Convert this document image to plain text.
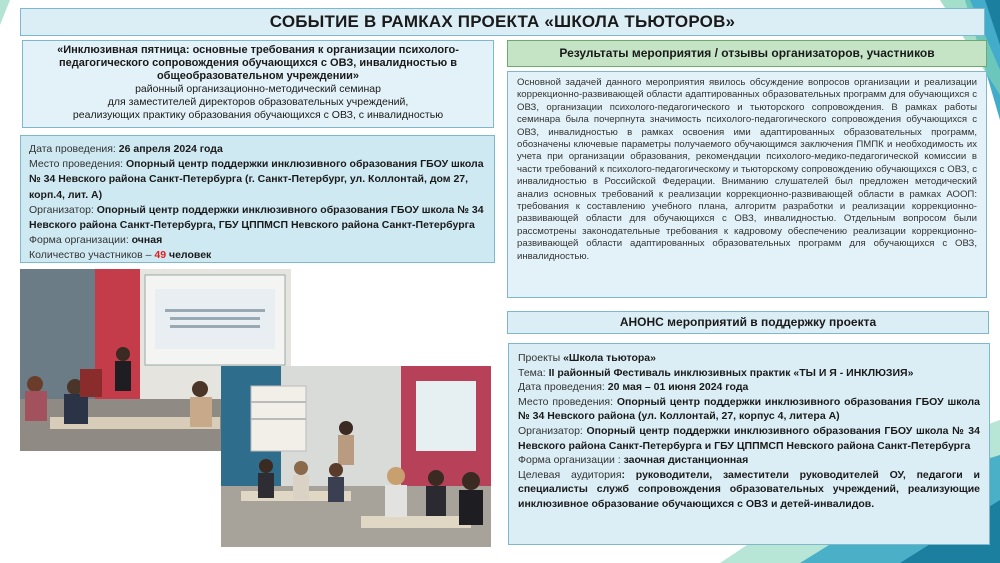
СОБЫТИЕ В РАМКАХ ПРОЕКТА «ШКОЛА ТЬЮТОРОВ»
«Инклюзивная пятница: основные требования к организации психолого-
педагогического сопровождения обучающихся с ОВЗ, инвалидностью в
общеобразовательном учреждении»
районный организационно-методический семинар
для заместителей директоров образовательных учреждений,
реализующих практику образования обучающихся с ОВЗ, с инвалидностью
Дата проведения: 26 апреля 2024 года
Место проведения: Опорный центр поддержки инклюзивного образования ГБОУ школа № 34 Невского района Санкт-Петербурга (г. Санкт-Петербург, ул. Коллонтай, дом 27, корп.4, лит. А)
Организатор: Опорный центр поддержки инклюзивного образования ГБОУ школа № 34 Невского района Санкт-Петербурга, ГБУ ЦППМСП Невского района Санкт-Петербурга
Форма организации: очная
Количество участников – 49 человек
Результаты мероприятия / отзывы организаторов, участников
Основной задачей данного мероприятия явилось обсуждение вопросов организации и реализации коррекционно-развивающей области адаптированных образовательных программ для обучающихся с ОВЗ, организации психолого-педагогического и тьюторского сопровождения. В рамках работы семинара была почерпнута значимость психолого-педагогического сопровождения обучающихся с ОВЗ, инвалидностью в рамках освоения ими адаптированных образовательных программ, обозначены ключевые параметры получаемого обучающимся заключения ПМПК и необходимость их учета при организации образования, рекомендации психолого-медико-педагогической комиссии в части требований к психолого-педагогическому и тьюторскому сопровождению обучающихся с ОВЗ, с инвалидностью в Российской Федерации. Вниманию слушателей был предложен методический анализ основных требований к реализации коррекционно-развивающей области в рамках АООП: требования к составлению учебного плана, алгоритм разработки и реализации коррекционно-развивающей области для обучающихся с ОВЗ, инвалидностью. Отдельным вопросом были рассмотрены законодательные требования к кадровому обеспечению реализации коррекционно-развивающей области адаптированных образовательных программ для обучающихся с ОВЗ, инвалидностью.
АНОНС мероприятий в поддержку проекта
Проекты «Школа тьютора»
Тема: II районный Фестиваль инклюзивных практик «ТЫ И Я - ИНКЛЮЗИЯ»
Дата проведения: 20 мая – 01 июня 2024 года
Место проведения: Опорный центр поддержки инклюзивного образования ГБОУ школа № 34 Невского района (ул. Коллонтай, 27, корпус 4, литера А)
Организатор: Опорный центр поддержки инклюзивного образования ГБОУ школа № 34 Невского района Санкт-Петербурга и ГБУ ЦППМСП Невского района Санкт-Петербурга
Форма организации : заочная дистанционная
Целевая аудитория: руководители, заместители руководителей ОУ, педагоги и специалисты служб сопровождения образовательных учреждений, реализующие инклюзивное образование обучающихся с ОВЗ и детей-инвалидов.
